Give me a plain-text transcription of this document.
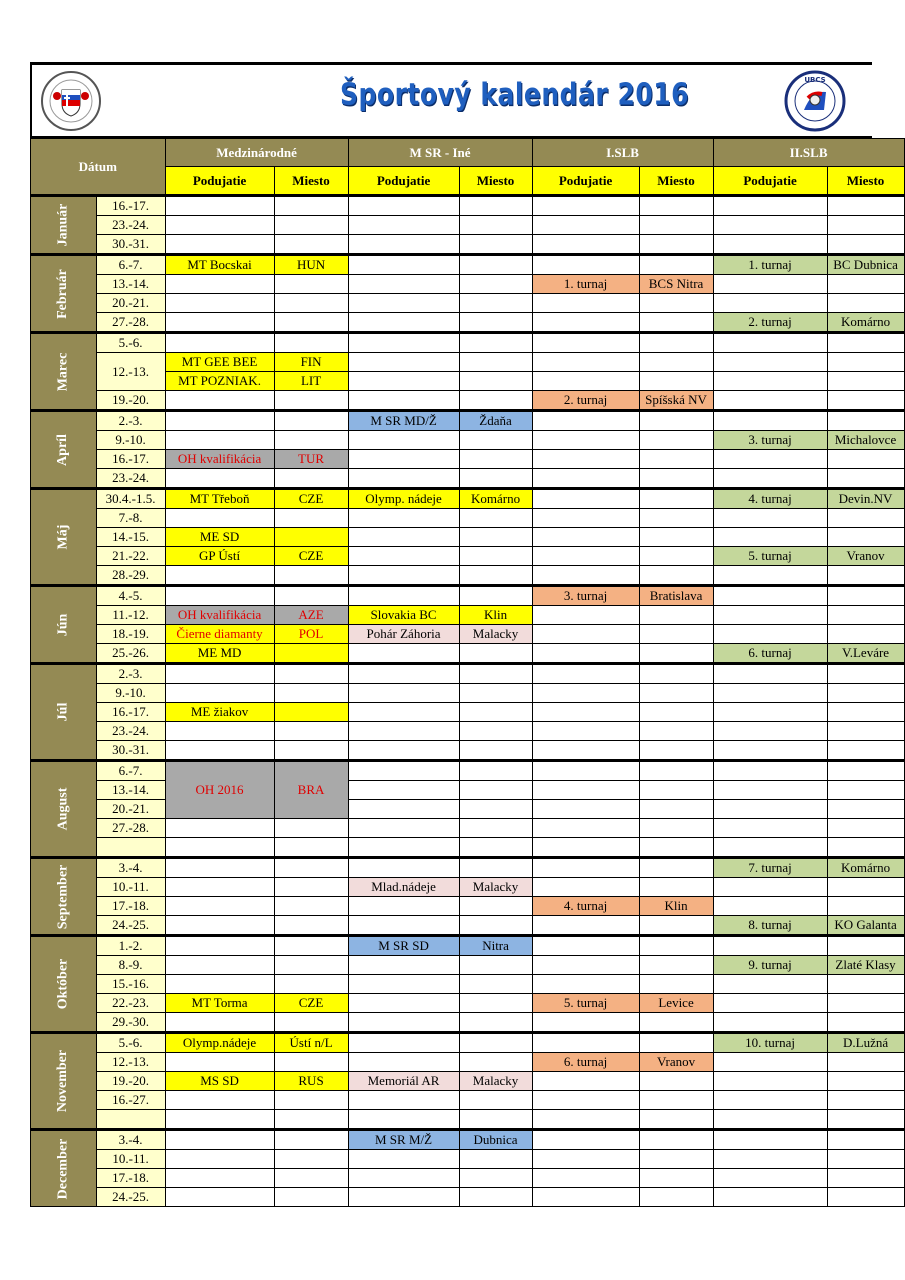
Športový kalendár 2016	UBCS
Dátum		Medzinárodné		M SR - Iné		I.SLB		II.SLB	
		Podujatie	Miesto	Podujatie	Miesto	Podujatie	Miesto	Podujatie	Miesto
Január	16.-17.								
	23.-24.								
	30.-31.								
Február	6.-7.	MT Bocskai	HUN					1. turnaj	BC Dubnica
	13.-14.					1. turnaj	BCS Nitra		
	20.-21.								
	27.-28.							2. turnaj	Komárno
Marec	5.-6.								
	12.-13.	MT GEE BEE	FIN						
		MT POZNIAK.	LIT						
	19.-20.					2. turnaj	Spíšská NV		
Apríl	2.-3.			M SR MD/Ž	Ždaňa				
	9.-10.							3. turnaj	Michalovce
	16.-17.	OH kvalifikácia	TUR						
	23.-24.								
Máj	30.4.-1.5.	MT Třeboň	CZE	Olymp. nádeje	Komárno			4. turnaj	Devin.NV
	7.-8.								
	14.-15.	ME SD							
	21.-22.	GP Ústí	CZE					5. turnaj	Vranov
	28.-29.								
Jún	4.-5.					3. turnaj	Bratislava		
	11.-12.	OH kvalifikácia	AZE	Slovakia BC	Klin				
	18.-19.	Čierne diamanty	POL	Pohár Záhoria	Malacky				
	25.-26.	ME MD						6. turnaj	V.Leváre
Júl	2.-3.								
	9.-10.								
	16.-17.	ME žiakov							
	23.-24.								
	30.-31.								
August	6.-7.	OH 2016	BRA						
	13.-14.								
	20.-21.								
	27.-28.								

September	3.-4.							7. turnaj	Komárno
	10.-11.			Mlad.nádeje	Malacky				
	17.-18.					4. turnaj	Klin		
	24.-25.							8. turnaj	KO Galanta
Október	1.-2.			M SR SD	Nitra				
	8.-9.							9. turnaj	Zlaté Klasy
	15.-16.								
	22.-23.	MT Torma	CZE			5. turnaj	Levice		
	29.-30.								
November	5.-6.	Olymp.nádeje	Ústí n/L					10. turnaj	D.Lužná
	12.-13.					6. turnaj	Vranov		
	19.-20.	MS SD	RUS	Memoriál AR	Malacky				
	16.-27.								

December	3.-4.			M SR M/Ž	Dubnica				
	10.-11.								
	17.-18.								
	24.-25.								
